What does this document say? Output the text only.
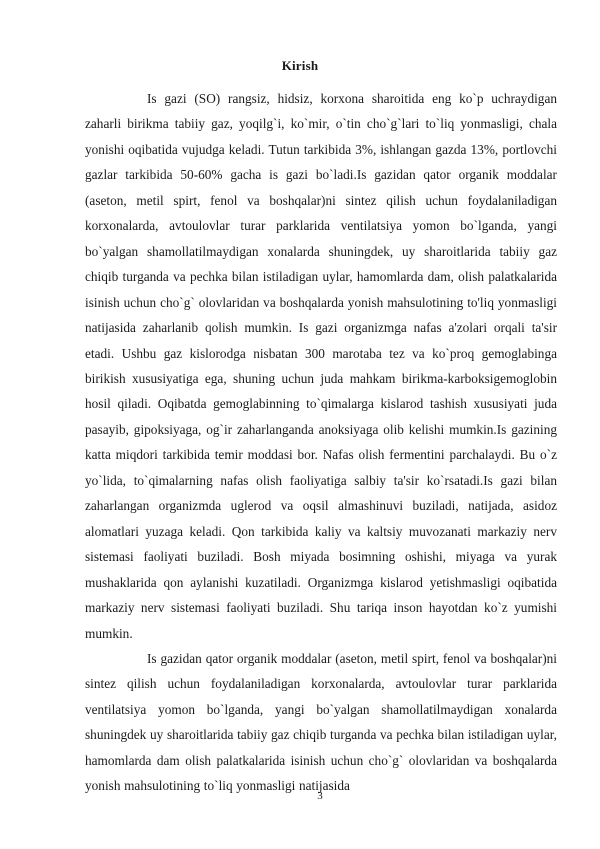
Kirish

Is gazi (SO) rangsiz, hidsiz, korxona sharoitida eng ko`p uchraydigan zaharli birikma tabiiy gaz, yoqilg`i, ko`mir, o`tin cho`g`lari to`liq yonmasligi, chala yonishi oqibatida vujudga keladi. Tutun tarkibida 3%, ishlangan gazda 13%, portlovchi gazlar tarkibida 50-60% gacha is gazi bo`ladi.Is gazidan qator organik moddalar (aseton, metil spirt, fenol va boshqalar)ni sintez qilish uchun foydalaniladigan korxonalarda, avtoulovlar turar parklarida ventilatsiya yomon bo`lganda, yangi bo`yalgan shamollatilmaydigan xonalarda shuningdek, uy sharoitlarida tabiiy gaz chiqib turganda va pechka bilan istiladigan uylar, hamomlarda dam, olish palatkalarida isinish uchun cho`g` olovlaridan va boshqalarda yonish mahsulotining to'liq yonmasligi natijasida zaharlanib qolish mumkin. Is gazi organizmga nafas a'zolari orqali ta'sir etadi. Ushbu gaz kislorodga nisbatan 300 marotaba tez va ko`proq gemoglabinga birikish xususiyatiga ega, shuning uchun juda mahkam birikma-karboksigemoglobin hosil qiladi. Oqibatda gemoglabinning to`qimalarga kislarod tashish xususiyati juda pasayib, gipoksiyaga, og`ir zaharlanganda anoksiyaga olib kelishi mumkin.Is gazining katta miqdori tarkibida temir moddasi bor. Nafas olish fermentini parchalaydi. Bu o`z yo`lida, to`qimalarning nafas olish faoliyatiga salbiy ta'sir ko`rsatadi.Is gazi bilan zaharlangan organizmda uglerod va oqsil almashinuvi buziladi, natijada, asidoz alomatlari yuzaga keladi. Qon tarkibida kaliy va kaltsiy muvozanati markaziy nerv sistemasi faoliyati buziladi. Bosh miyada bosimning oshishi, miyaga va yurak mushaklarida qon aylanishi kuzatiladi. Organizmga kislarod yetishmasligi oqibatida markaziy nerv sistemasi faoliyati buziladi. Shu tariqa inson hayotdan ko`z yumishi mumkin.

Is gazidan qator organik moddalar (aseton, metil spirt, fenol va boshqalar)ni sintez qilish uchun foydalaniladigan korxonalarda, avtoulovlar turar parklarida ventilatsiya yomon bo`lganda, yangi bo`yalgan shamollatilmaydigan xonalarda shuningdek uy sharoitlarida tabiiy gaz chiqib turganda va pechka bilan istiladigan uylar, hamomlarda dam olish palatkalarida isinish uchun cho`g` olovlaridan va boshqalarda yonish mahsulotining to`liq yonmasligi natijasida

3
